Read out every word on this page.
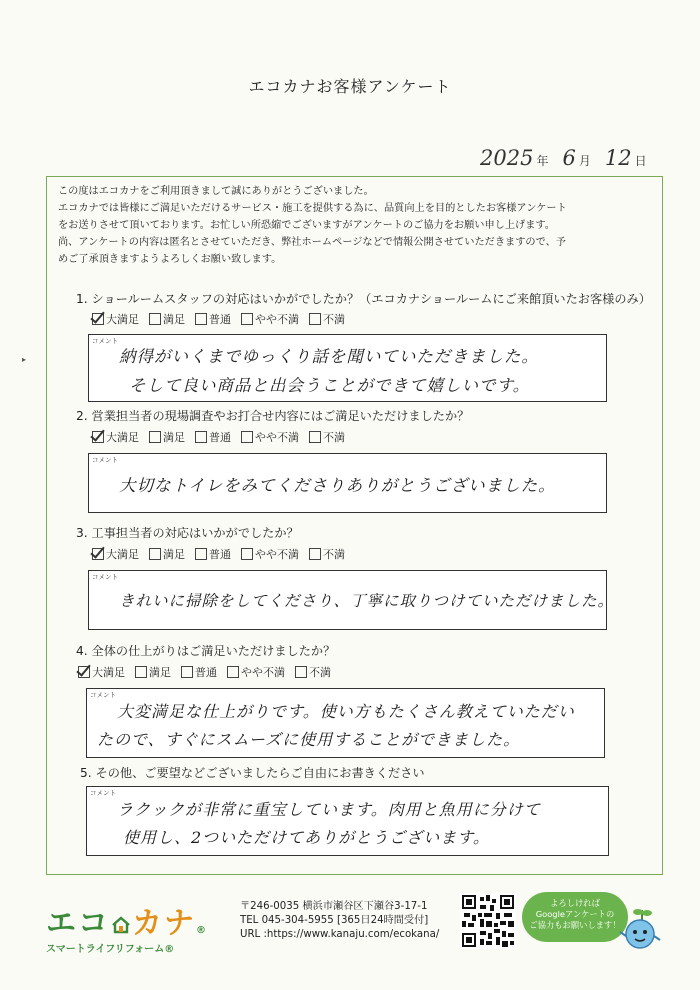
エコカナお客様アンケート
2025 年 6 月 12 日
この度はエコカナをご利用頂きまして誠にありがとうございました。
エコカナでは皆様にご満足いただけるサービス・施工を提供する為に、品質向上を目的としたお客様アンケート
をお送りさせて頂いております。お忙しい所恐縮でございますがアンケートのご協力をお願い申し上げます。
尚、アンケートの内容は匿名とさせていただき、弊社ホームページなどで情報公開させていただきますので、予
めご了承頂きますようよろしくお願い致します。
▸
1. ショールームスタッフの対応はいかがでしたか？（エコカナショールームにご来館頂いたお客様のみ）
大満足 満足 普通 やや不満 不満
コメント
納得がいくまでゆっくり話を聞いていただきました。
そして良い商品と出会うことができて嬉しいです。
2. 営業担当者の現場調査やお打合せ内容にはご満足いただけましたか？
大満足 満足 普通 やや不満 不満
コメント
大切なトイレをみてくださりありがとうございました。
3. 工事担当者の対応はいかがでしたか？
大満足 満足 普通 やや不満 不満
コメント
きれいに掃除をしてくださり、丁寧に取りつけていただけました。
4. 全体の仕上がりはご満足いただけましたか？
大満足 満足 普通 やや不満 不満
コメント
大変満足な仕上がりです。使い方もたくさん教えていただい
たので、すぐにスムーズに使用することができました。
5. その他、ご要望などございましたらご自由にお書きください
コメント
ラクックが非常に重宝しています。肉用と魚用に分けて
使用し、2ついただけてありがとうございます。
エコ カナ®
スマートライフリフォーム®
〒246-0035 横浜市瀬谷区下瀬谷3-17-1
TEL 045-304-5955 [365日24時間受付]
URL :https://www.kanaju.com/ecokana/
よろしければ
Googleアンケートの
ご協力もお願いします！
